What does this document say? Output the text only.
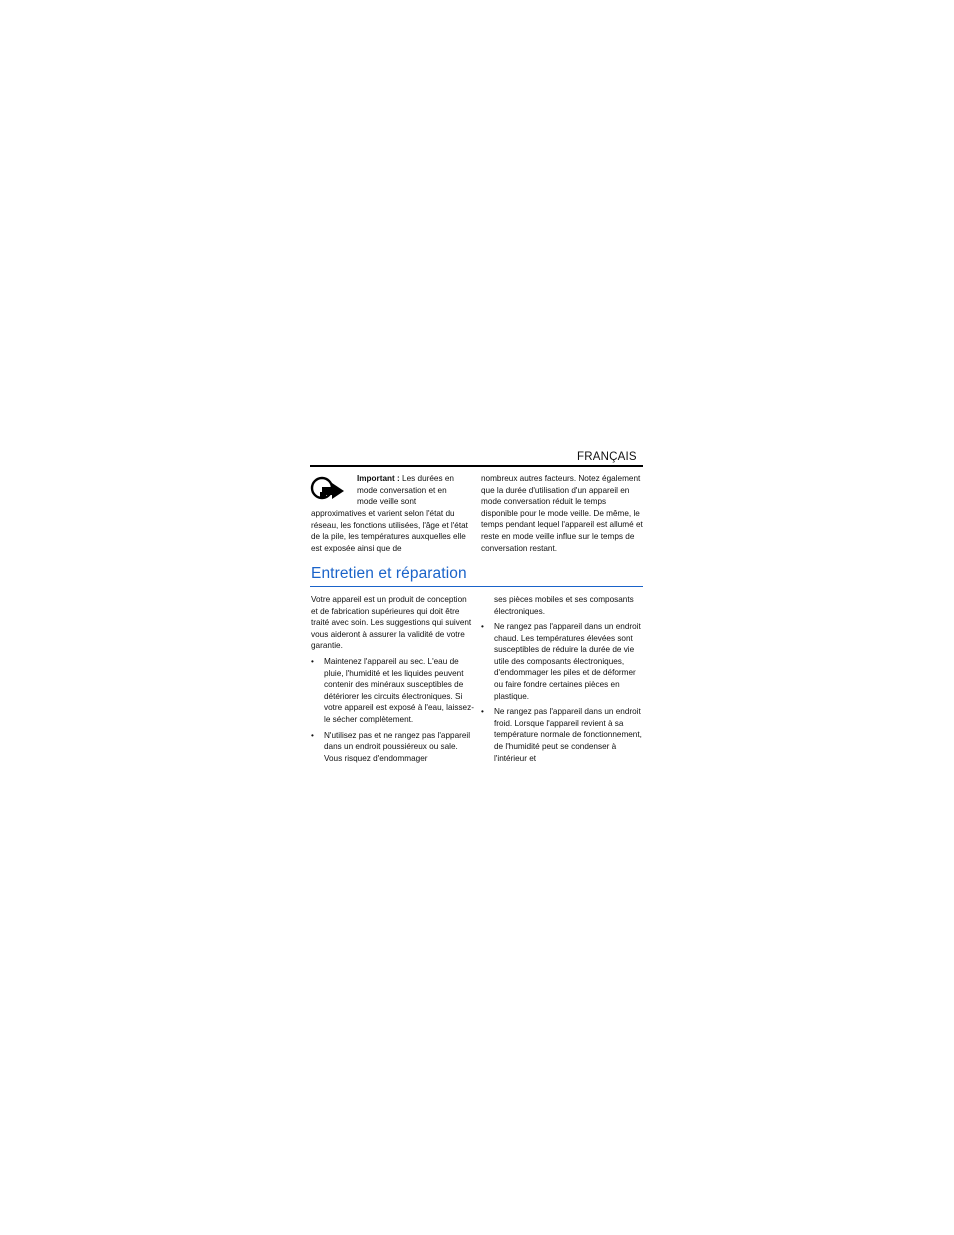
FRANÇAIS

Important : Les durées en mode conversation et en mode veille sont

approximatives et varient selon l'état du réseau, les fonctions utilisées, l'âge et l'état de la pile, les températures auxquelles elle est exposée ainsi que de

nombreux autres facteurs. Notez également que la durée d'utilisation d'un appareil en mode conversation réduit le temps disponible pour le mode veille. De même, le temps pendant lequel l'appareil est allumé et reste en mode veille influe sur le temps de conversation restant.

Entretien et réparation

Votre appareil est un produit de conception et de fabrication supérieures qui doit être traité avec soin. Les suggestions qui suivent vous aideront à assurer la validité de votre garantie.

• Maintenez l'appareil au sec. L'eau de pluie, l'humidité et les liquides peuvent contenir des minéraux susceptibles de détériorer les circuits électroniques. Si votre appareil est exposé à l'eau, laissez-le sécher complètement.
• N'utilisez pas et ne rangez pas l'appareil dans un endroit poussiéreux ou sale. Vous risquez d'endommager

ses pièces mobiles et ses composants électroniques.

• Ne rangez pas l'appareil dans un endroit chaud. Les températures élevées sont susceptibles de réduire la durée de vie utile des composants électroniques, d'endommager les piles et de déformer ou faire fondre certaines pièces en plastique.
• Ne rangez pas l'appareil dans un endroit froid. Lorsque l'appareil revient à sa température normale de fonctionnement, de l'humidité peut se condenser à l'intérieur et
